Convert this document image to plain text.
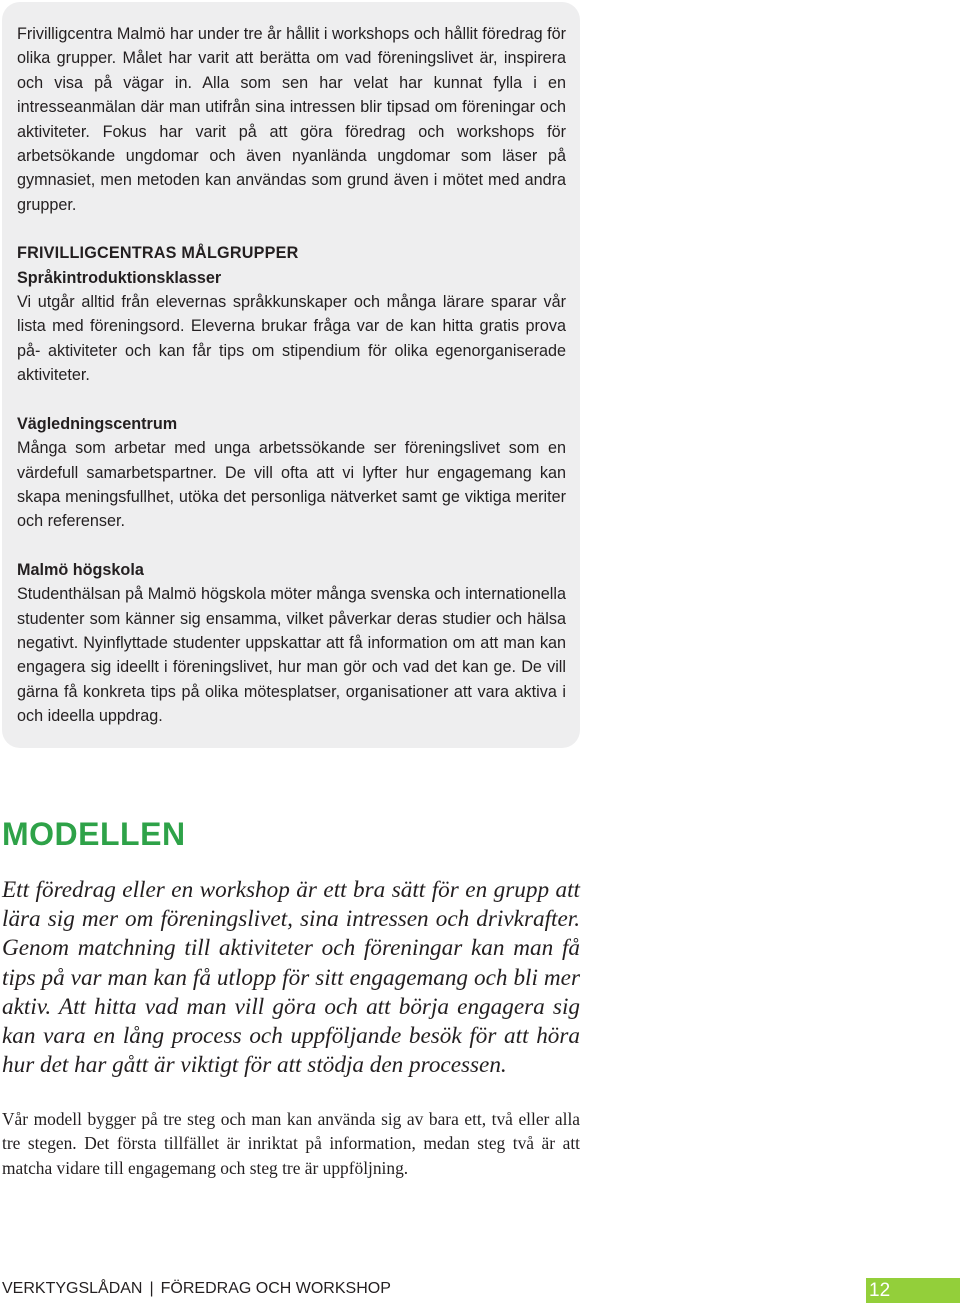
Frivilligcentra Malmö har under tre år hållit i workshops och hållit föredrag för olika grupper. Målet har varit att berätta om vad föreningslivet är, inspirera och visa på vägar in. Alla som sen har velat har kunnat fylla i en intresseanmälan där man utifrån sina intressen blir tipsad om föreningar och aktiviteter. Fokus har varit på att göra föredrag och workshops för arbetsökande ungdomar och även nyanlända ungdomar som läser på gymnasiet, men metoden kan användas som grund även i mötet med andra grupper.

FRIVILLIGCENTRAS MÅLGRUPPER

Språkintroduktionsklasser

Vi utgår alltid från elevernas språkkunskaper och många lärare sparar vår lista med föreningsord. Eleverna brukar fråga var de kan hitta gratis prova på- aktiviteter och kan får tips om stipendium för olika egenorganiserade aktiviteter.

Vägledningscentrum

Många som arbetar med unga arbetssökande ser föreningslivet som en värdefull samarbetspartner. De vill ofta att vi lyfter hur engagemang kan skapa meningsfullhet, utöka det personliga nätverket samt ge viktiga meriter och referenser.

Malmö högskola

Studenthälsan på Malmö högskola möter många svenska och internationella studenter som känner sig ensamma, vilket påverkar deras studier och hälsa negativt. Nyinflyttade studenter uppskattar att få information om att man kan engagera sig ideellt i föreningslivet, hur man gör och vad det kan ge. De vill gärna få konkreta tips på olika mötesplatser, organisationer att vara aktiva i och ideella uppdrag.

MODELLEN

Ett föredrag eller en workshop är ett bra sätt för en grupp att lära sig mer om föreningslivet, sina intressen och drivkrafter. Genom matchning till aktiviteter och föreningar kan man få tips på var man kan få utlopp för sitt engagemang och bli mer aktiv. Att hitta vad man vill göra och att börja engagera sig kan vara en lång process och uppföljande besök för att höra hur det har gått är viktigt för att stödja den processen.

Vår modell bygger på tre steg och man kan använda sig av bara ett, två eller alla tre stegen. Det första tillfället är inriktat på information, medan steg två är att matcha vidare till engagemang och steg tre är uppföljning.

VERKTYGSLÅDAN | FÖREDRAG OCH WORKSHOP	12
